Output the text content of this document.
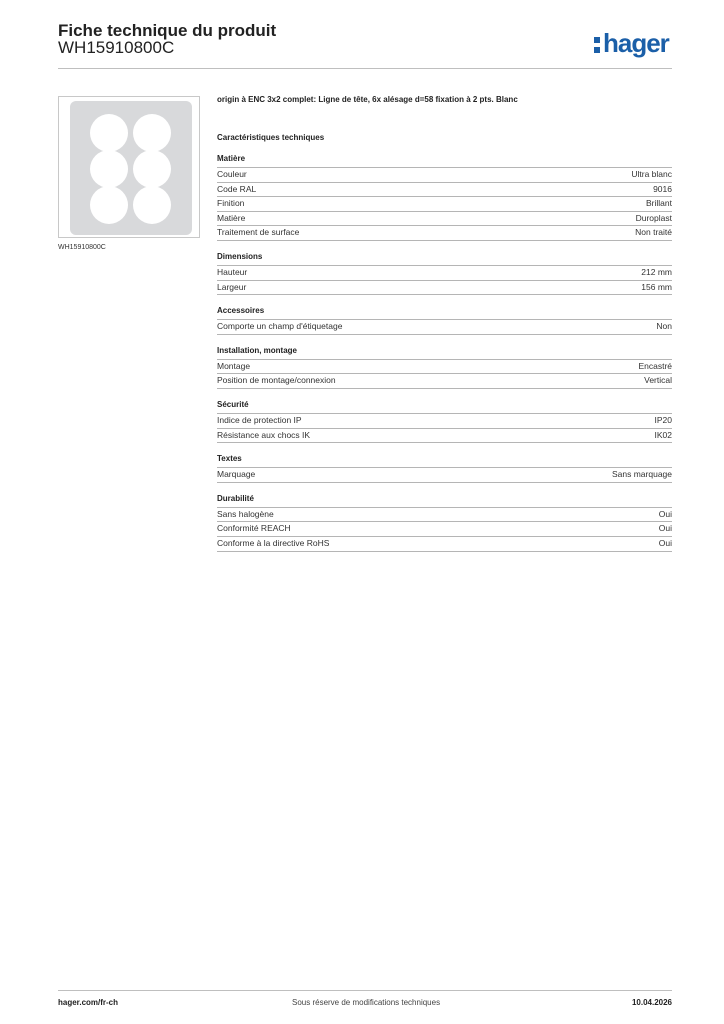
Fiche technique du produit
WH15910800C	hager
WH15910800C

origin à ENC 3x2 complet: Ligne de tête, 6x alésage d=58 fixation à 2 pts. Blanc

Caractéristiques techniques
Matière
Couleur	Ultra blanc
Code RAL	9016
Finition	Brillant
Matière	Duroplast
Traitement de surface	Non traité
Dimensions
Hauteur	212 mm
Largeur	156 mm
Accessoires
Comporte un champ d'étiquetage	Non
Installation, montage
Montage	Encastré
Position de montage/connexion	Vertical
Sécurité
Indice de protection IP	IP20
Résistance aux chocs IK	IK02
Textes
Marquage	Sans marquage
Durabilité
Sans halogène	Oui
Conformité REACH	Oui
Conforme à la directive RoHS	Oui
hager.com/fr-ch	Sous réserve de modifications techniques	10.04.2026
